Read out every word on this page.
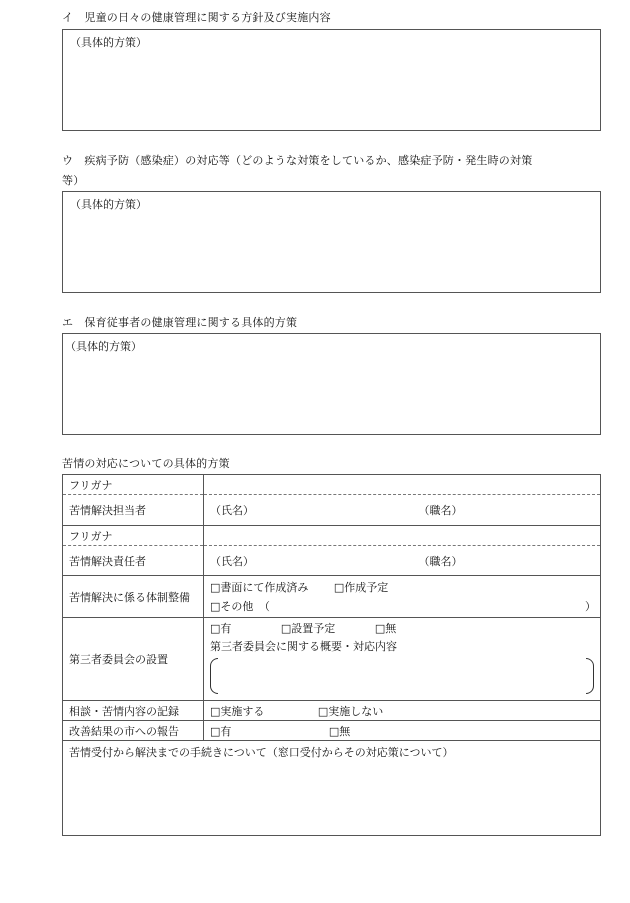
イ　児童の日々の健康管理に関する方針及び実施内容
（具体的方策）
ウ　疾病予防（感染症）の対応等（どのような対策をしているか、感染症予防・発生時の対策
等）
（具体的方策）
エ　保育従事者の健康管理に関する具体的方策
（具体的方策）
苦情の対応についての具体的方策
フリガナ	
苦情解決担当者	（氏名） （職名）

フリガナ	
苦情解決責任者	（氏名） （職名）

苦情解決に係る体制整備	□書面にて作成済み □作成予定
□その他　（ ）

第三者委員会の設置	□有 □設置予定 □無
第三者委員会に関する概要・対応内容

相談・苦情内容の記録	□実施する □実施しない
改善結果の市への報告	□有 □無
苦情受付から解決までの手続きについて（窓口受付からその対応策について）	
